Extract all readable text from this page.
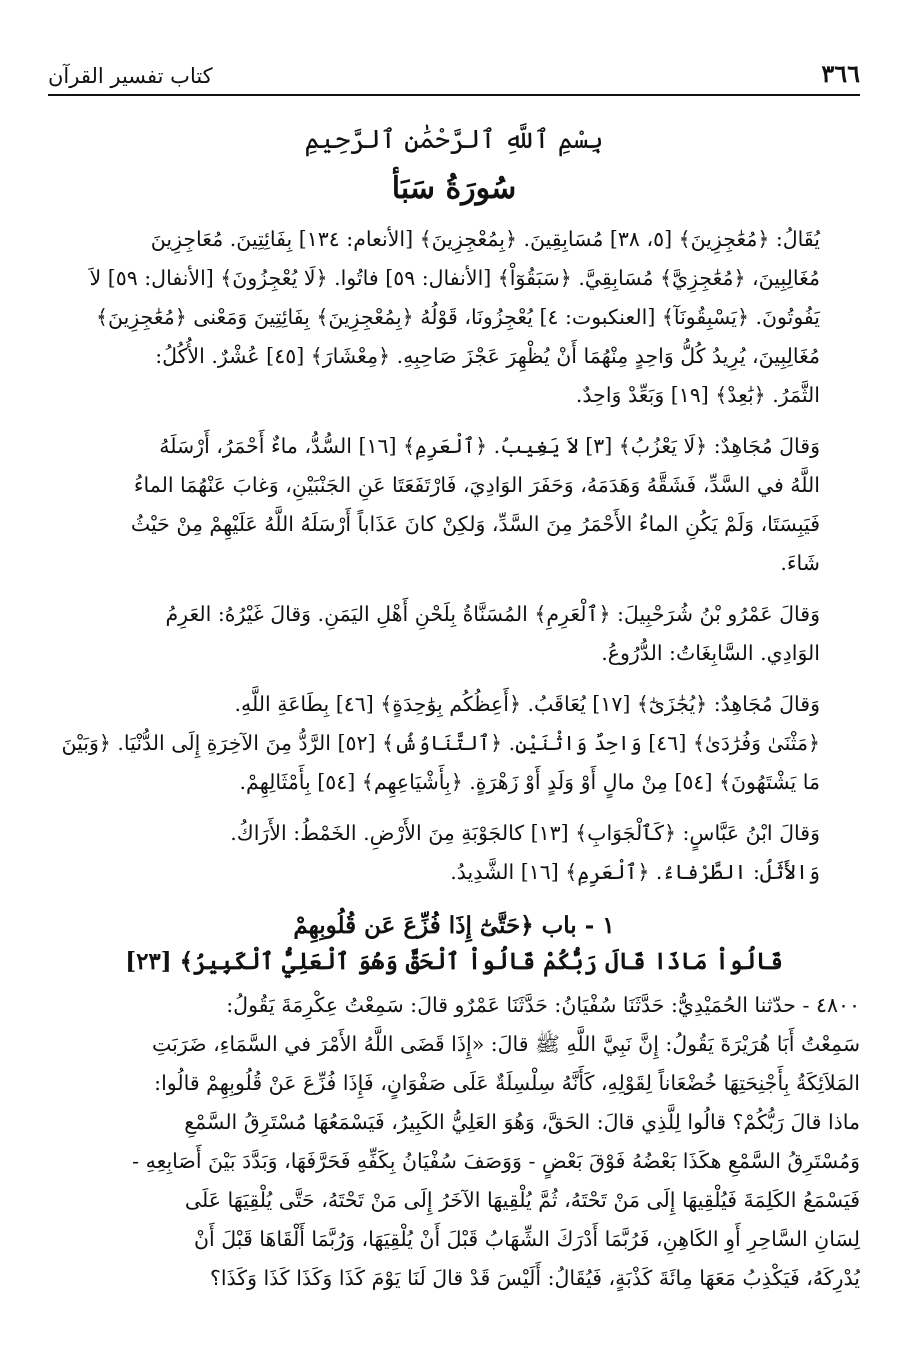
٣٦٦
كتاب تفسير القرآن
بِسْمِ ٱللَّهِ ٱلرَّحْمَٰنِ ٱلرَّحِيمِ
سُورَةُ سَبَأ

يُقَالُ: ﴿مُعَٰجِزِينَ﴾ [٥، ٣٨] مُسَابِقِينَ. ﴿بِمُعْجِزِينَ﴾ [الأنعام: ١٣٤] بِفَائِتِينَ. مُعَاجِزِينَ
مُغَالِبِينَ، ﴿مُعَٰجِزِيَّ﴾ مُسَابِقِيَّ. ﴿سَبَقُوٓاْ﴾ [الأنفال: ٥٩] فاتُوا. ﴿لَا يُعْجِزُونَ﴾ [الأنفال: ٥٩] لاَ
يَفُوتُونَ. ﴿يَسْبِقُونَآ﴾ [العنكبوت: ٤] يُعْجِزُونَا، قَوْلُهُ ﴿بِمُعْجِزِينَ﴾ بِفَائِتِينَ وَمَعْنى ﴿مُعَٰجِزِينَ﴾
مُغَالِبِينَ، يُرِيدُ كُلُّ وَاحِدٍ مِنْهُمَا أَنْ يُظْهِرَ عَجْزَ صَاحِبِهِ. ﴿مِعْشَارَ﴾ [٤٥] عُشْرٌ. الأُكُلُ:
الثَّمَرُ. ﴿بَٰعِدْ﴾ [١٩] وَبَعِّدْ وَاحِدٌ.

وَقالَ مُجَاهِدٌ: ﴿لَا يَعْزُبُ﴾ [٣] لاَ يَغِيبُ. ﴿ٱلْعَرِمِ﴾ [١٦] السُّدُّ، ماءٌ أَحْمَرُ، أَرْسَلَهُ
اللَّهُ في السَّدِّ، فَشَقَّهُ وَهَدَمَهُ، وَحَفَرَ الوَادِيَ، فَارْتَفَعَتَا عَنِ الجَنْبَيْنِ، وَغابَ عَنْهُمَا الماءُ
فَيَبِسَتَا، وَلَمْ يَكُنِ الماءُ الأَحْمَرُ مِنَ السَّدِّ، وَلكِنْ كانَ عَذَاباً أَرْسَلَهُ اللَّهُ عَلَيْهِمْ مِنْ حَيْثُ
شَاءَ.

وَقالَ عَمْرُو بْنُ شُرَحْبِيلَ: ﴿ٱلْعَرِمِ﴾ المُسَنَّاةُ بِلَحْنِ أَهْلِ اليَمَنِ. وَقالَ غَيْرُهُ: العَرِمُ
الوَادِي. السَّابِغَاتُ: الدُّرُوعُ.

وَقالَ مُجَاهِدٌ: ﴿يُجَٰزَىٰٓ﴾ [١٧] يُعَاقَبُ. ﴿أَعِظُكُم بِوَٰحِدَةٍ﴾ [٤٦] بِطَاعَةِ اللَّهِ.
﴿مَثْنَىٰ وَفُرَٰدَىٰ﴾ [٤٦] وَاحِدٌ وَاثْنَيْنِ. ﴿ٱلتَّنَاوُشُ﴾ [٥٢] الرَّدُّ مِنَ الآخِرَةِ إِلَى الدُّنْيَا. ﴿وَبَيْنَ
مَا يَشْتَهُونَ﴾ [٥٤] مِنْ مالٍ أَوْ وَلَدٍ أَوْ زَهْرَةٍ. ﴿بِأَشْيَاعِهِم﴾ [٥٤] بِأَمْثَالِهِمْ.

وَقالَ ابْنُ عَبَّاسٍ: ﴿كَٱلْجَوَابِ﴾ [١٣] كالجَوْبَةِ مِنَ الأَرْضِ. الخَمْطُ: الأَرَاكُ.
وَالأَثَلُ: الطَّرْفاءُ. ﴿ٱلْعَرِمِ﴾ [١٦] الشَّدِيدُ.

١ - باب ﴿حَتَّىٰٓ إِذَا فُزِّعَ عَن قُلُوبِهِمْ
قَالُواْ مَاذَا قَالَ رَبُّكُمْ قَالُواْ ٱلْحَقَّ وَهُوَ ٱلْعَلِيُّ ٱلْكَبِيرُ﴾ [٢٣]
٤٨٠٠ - حدّثنا الحُمَيْدِيُّ: حَدَّثَنَا سُفْيَانُ: حَدَّثَنَا عَمْرٌو قالَ: سَمِعْتُ عِكْرِمَةَ يَقُولُ:
سَمِعْتُ أَبَا هُرَيْرَةَ يَقُولُ: إِنَّ نَبِيَّ اللَّهِ ﷺ قالَ: «إِذَا قَضَى اللَّهُ الأَمْرَ في السَّمَاءِ، ضَرَبَتِ
المَلاَئِكَةُ بِأَجْنِحَتِهَا خُضْعَاناً لِقَوْلِهِ، كَأَنَّهُ سِلْسِلَةٌ عَلَى صَفْوَانٍ، فَإِذَا فُزِّعَ عَنْ قُلُوبِهِمْ قالُوا:
ماذا قالَ رَبُّكُمْ؟ قالُوا لِلَّذِي قالَ: الحَقَّ، وَهُوَ العَلِيُّ الكَبِيرُ، فَيَسْمَعُهَا مُسْتَرِقُ السَّمْعِ
وَمُسْتَرِقُ السَّمْعِ هكَذَا بَعْضُهُ فَوْقَ بَعْضٍ - وَوَصَفَ سُفْيَانُ بِكَفِّهِ فَحَرَّفَهَا، وَبَدَّدَ بَيْنَ أَصَابِعِهِ -
فَيَسْمَعُ الكَلِمَةَ فَيُلْقِيهَا إِلَى مَنْ تَحْتَهُ، ثُمَّ يُلْقِيهَا الآخَرُ إِلَى مَنْ تَحْتَهُ، حَتَّى يُلْقِيَهَا عَلَى
لِسَانِ السَّاحِرِ أَوِ الكَاهِنِ، فَرُبَّمَا أَدْرَكَ الشِّهَابُ قَبْلَ أَنْ يُلْقِيَهَا، وَرُبَّمَا أَلْقَاهَا قَبْلَ أَنْ
يُدْرِكَهُ، فَيَكْذِبُ مَعَهَا مِائَةَ كَذْبَةٍ، فَيُقَالُ: أَلَيْسَ قَدْ قالَ لَنَا يَوْمَ كَذَا وَكَذَا كَذَا وَكَذَا؟
